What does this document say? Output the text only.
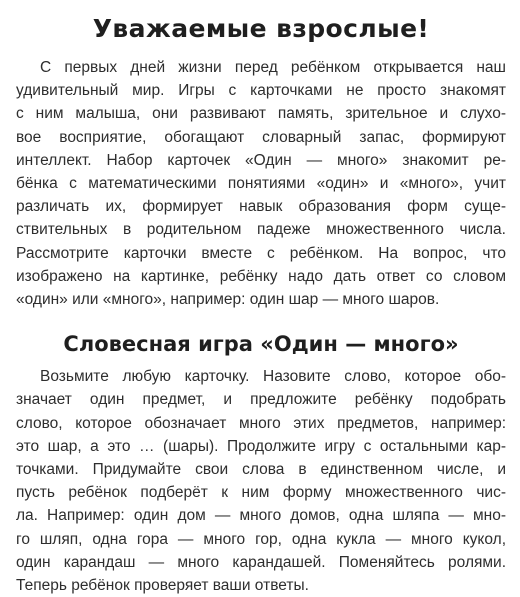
Уважаемые взрослые!

С первых дней жизни перед ребёнком открывается наш
удивительный мир. Игры с карточками не просто знакомят
с ним малыша, они развивают память, зрительное и слухо-
вое восприятие, обогащают словарный запас, формируют
интеллект. Набор карточек «Один — много» знакомит ре-
бёнка с математическими понятиями «один» и «много», учит
различать их, формирует навык образования форм суще-
ствительных в родительном падеже множественного числа.
Рассмотрите карточки вместе с ребёнком. На вопрос, что
изображено на картинке, ребёнку надо дать ответ со словом
«один» или «много», например: один шар — много шаров.

Словесная игра «Один — много»

Возьмите любую карточку. Назовите слово, которое обо-
значает один предмет, и предложите ребёнку подобрать
слово, которое обозначает много этих предметов, например:
это шар, а это … (шары). Продолжите игру с остальными кар-
точками. Придумайте свои слова в единственном числе, и
пусть ребёнок подберёт к ним форму множественного чис-
ла. Например: один дом — много домов, одна шляпа — мно-
го шляп, одна гора — много гор, одна кукла — много кукол,
один карандаш — много карандашей. Поменяйтесь ролями.
Теперь ребёнок проверяет ваши ответы.
